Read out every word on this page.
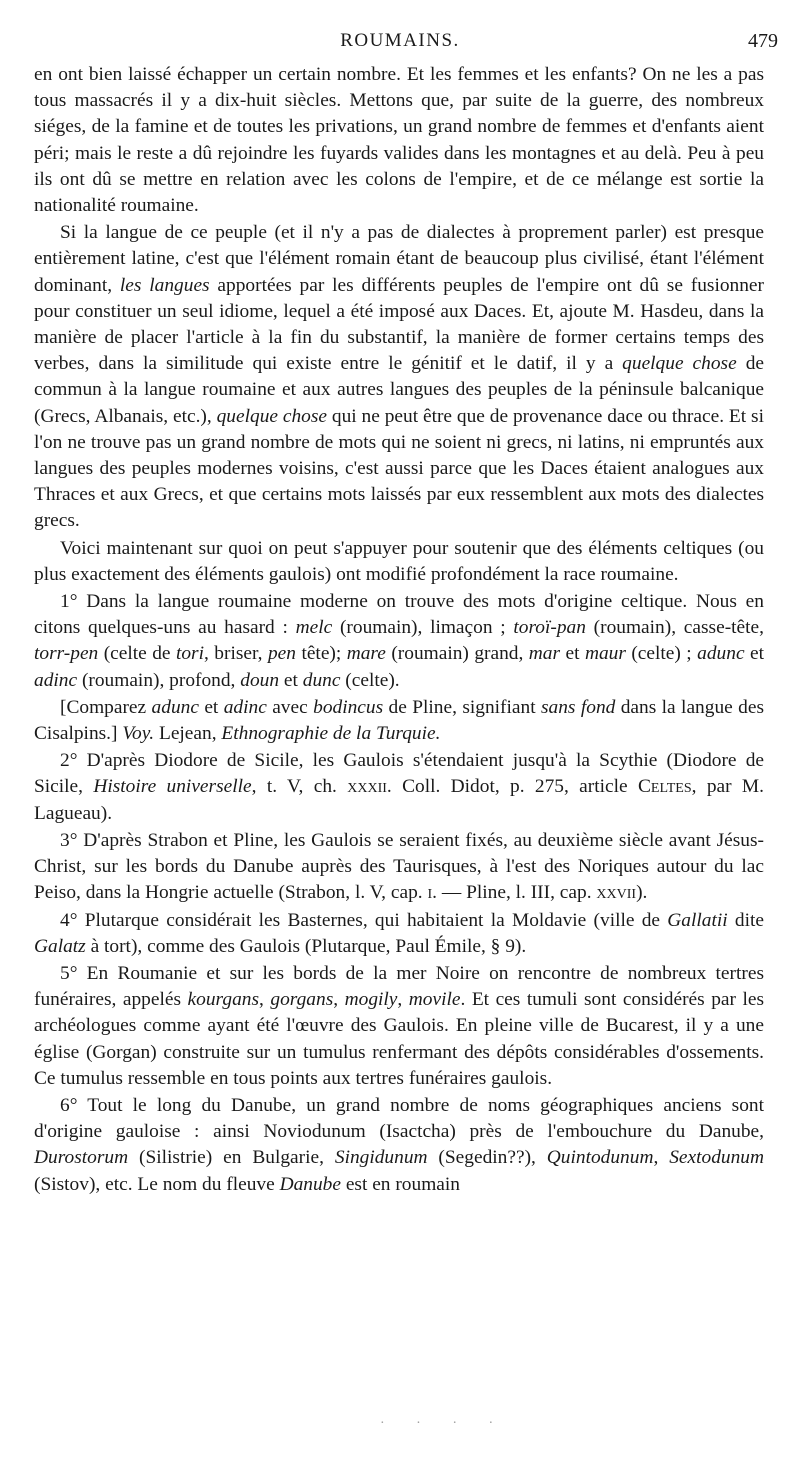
ROUMAINS.	479

en ont bien laissé échapper un certain nombre. Et les femmes et les enfants? On ne les a pas tous massacrés il y a dix-huit siècles. Mettons que, par suite de la guerre, des nombreux siéges, de la famine et de toutes les privations, un grand nombre de femmes et d'enfants aient péri; mais le reste a dû rejoindre les fuyards valides dans les montagnes et au delà. Peu à peu ils ont dû se mettre en relation avec les colons de l'empire, et de ce mélange est sortie la nationalité roumaine.

Si la langue de ce peuple (et il n'y a pas de dialectes à proprement parler) est presque entièrement latine, c'est que l'élément romain étant de beaucoup plus civilisé, étant l'élément dominant, les langues apportées par les différents peuples de l'empire ont dû se fusionner pour constituer un seul idiome, lequel a été imposé aux Daces. Et, ajoute M. Hasdeu, dans la manière de placer l'article à la fin du substantif, la manière de former certains temps des verbes, dans la similitude qui existe entre le génitif et le datif, il y a quelque chose de commun à la langue roumaine et aux autres langues des peuples de la péninsule balcanique (Grecs, Albanais, etc.), quelque chose qui ne peut être que de provenance dace ou thrace. Et si l'on ne trouve pas un grand nombre de mots qui ne soient ni grecs, ni latins, ni empruntés aux langues des peuples modernes voisins, c'est aussi parce que les Daces étaient analogues aux Thraces et aux Grecs, et que certains mots laissés par eux ressemblent aux mots des dialectes grecs.

Voici maintenant sur quoi on peut s'appuyer pour soutenir que des éléments celtiques (ou plus exactement des éléments gaulois) ont modifié profondément la race roumaine.

1° Dans la langue roumaine moderne on trouve des mots d'origine celtique. Nous en citons quelques-uns au hasard : melc (roumain), limaçon ; toroï-pan (roumain), casse-tête, torr-pen (celte de tori, briser, pen tête); mare (roumain) grand, mar et maur (celte) ; adunc et adinc (roumain), profond, doun et dunc (celte).

[Comparez adunc et adinc avec bodincus de Pline, signifiant sans fond dans la langue des Cisalpins.] Voy. Lejean, Ethnographie de la Turquie.

2° D'après Diodore de Sicile, les Gaulois s'étendaient jusqu'à la Scythie (Diodore de Sicile, Histoire universelle, t. V, ch. xxxii. Coll. Didot, p. 275, article Celtes, par M. Lagueau).

3° D'après Strabon et Pline, les Gaulois se seraient fixés, au deuxième siècle avant Jésus-Christ, sur les bords du Danube auprès des Taurisques, à l'est des Noriques autour du lac Peiso, dans la Hongrie actuelle (Strabon, l. V, cap. i. — Pline, l. III, cap. xxvii).

4° Plutarque considérait les Basternes, qui habitaient la Moldavie (ville de Gallatii dite Galatz à tort), comme des Gaulois (Plutarque, Paul Émile, § 9).

5° En Roumanie et sur les bords de la mer Noire on rencontre de nombreux tertres funéraires, appelés kourgans, gorgans, mogily, movile. Et ces tumuli sont considérés par les archéologues comme ayant été l'œuvre des Gaulois. En pleine ville de Bucarest, il y a une église (Gorgan) construite sur un tumulus renfermant des dépôts considérables d'ossements. Ce tumulus ressemble en tous points aux tertres funéraires gaulois.

6° Tout le long du Danube, un grand nombre de noms géographiques anciens sont d'origine gauloise : ainsi Noviodunum (Isactcha) près de l'embouchure du Danube, Durostorum (Silistrie) en Bulgarie, Singidunum (Segedin??), Quintodunum, Sextodunum (Sistov), etc. Le nom du fleuve Danube est en roumain

· · · ·
